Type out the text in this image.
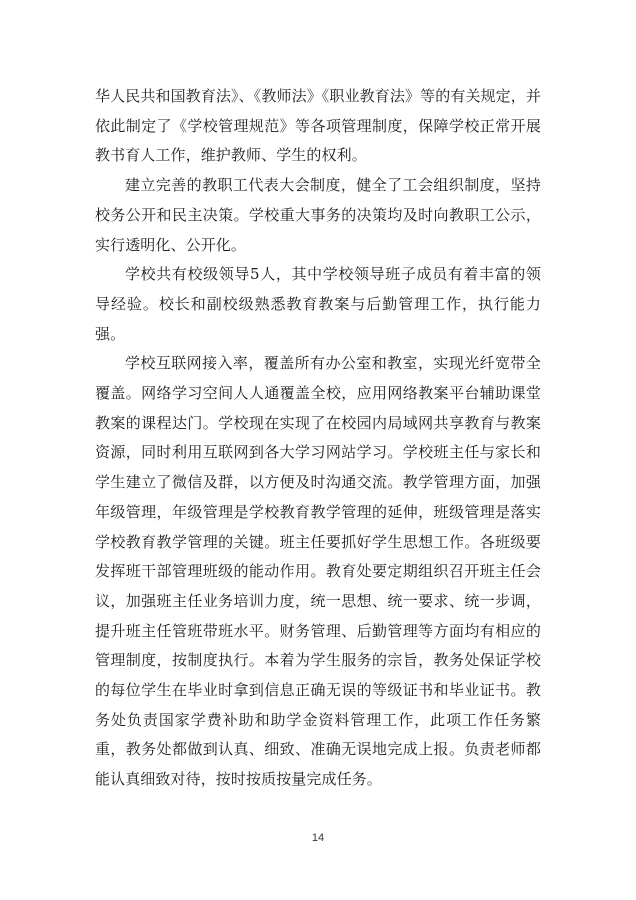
华人民共和国教育法》、《教师法》《职业教育法》等的有关规定，并依此制定了《学校管理规范》等各项管理制度，保障学校正常开展教书育人工作，维护教师、学生的权利。

建立完善的教职工代表大会制度，健全了工会组织制度，坚持校务公开和民主决策。学校重大事务的决策均及时向教职工公示，实行透明化、公开化。

学校共有校级领导5人，其中学校领导班子成员有着丰富的领导经验。校长和副校级熟悉教育教案与后勤管理工作，执行能力强。

学校互联网接入率，覆盖所有办公室和教室，实现光纤宽带全覆盖。网络学习空间人人通覆盖全校，应用网络教案平台辅助课堂教案的课程达门。学校现在实现了在校园内局域网共享教育与教案资源，同时利用互联网到各大学习网站学习。学校班主任与家长和学生建立了微信及群，以方便及时沟通交流。教学管理方面，加强年级管理，年级管理是学校教育教学管理的延伸，班级管理是落实学校教育教学管理的关键。班主任要抓好学生思想工作。各班级要发挥班干部管理班级的能动作用。教育处要定期组织召开班主任会议，加强班主任业务培训力度，统一思想、统一要求、统一步调，提升班主任管班带班水平。财务管理、后勤管理等方面均有相应的管理制度，按制度执行。本着为学生服务的宗旨，教务处保证学校的每位学生在毕业时拿到信息正确无误的等级证书和毕业证书。教务处负责国家学费补助和助学金资料管理工作，此项工作任务繁重，教务处都做到认真、细致、准确无误地完成上报。负责老师都能认真细致对待，按时按质按量完成任务。

14
